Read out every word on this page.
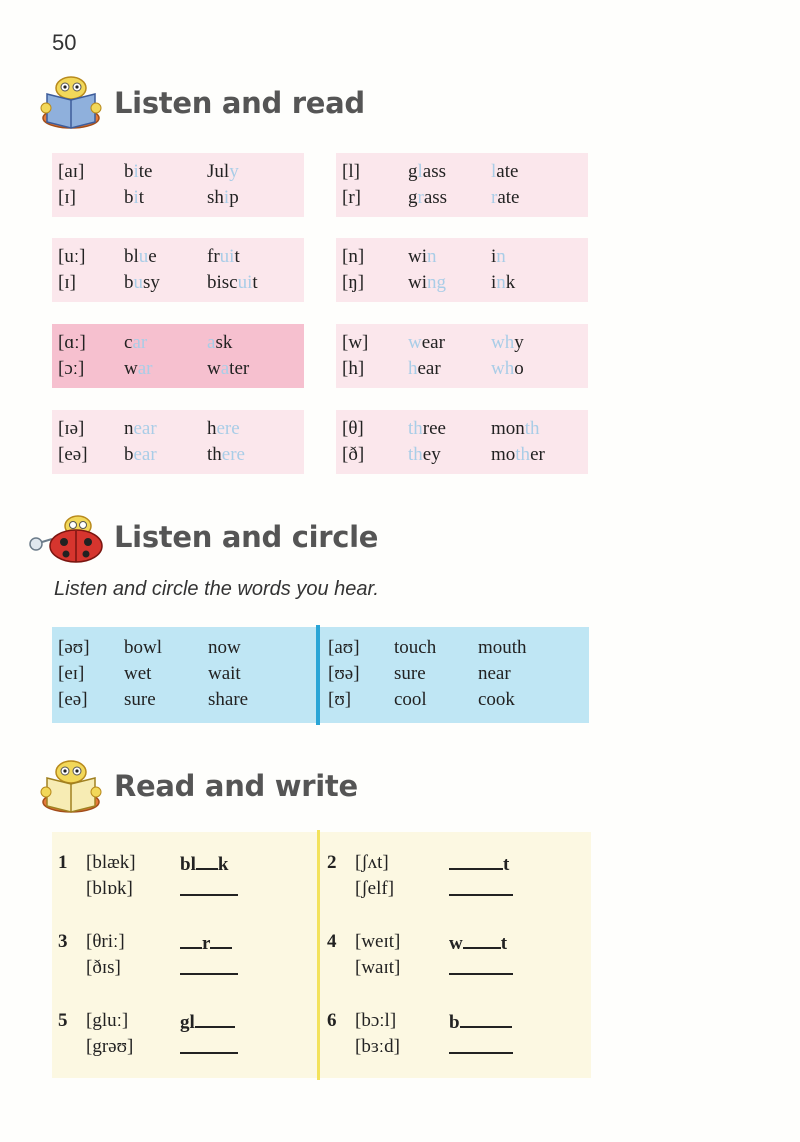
50
Listen and read
[aɪ] bite	July
[ɪ]	bit	ship
[l]	glass late
[r] grass rate
[uː] blue	fruit
[ɪ]	busy biscuit
[n] win	in
[ŋ] wing ink
[ɑː] car	ask
[ɔː] war	water
[w] wear why
[h] hear	who
[ɪə] near	here
[eə] bear	there
[θ] three month
[ð] they	mother
Listen and circle
Listen and circle the words you hear.
[əʊ] bowl now
[eɪ] wet	wait
[eə] sure	share
[aʊ] touch mouth
[ʊə] sure	near
[ʊ] cool	cook
Read and write
1 [blæk] bl k
[blɒk]
2 [ʃʌt]	t
[ʃelf]
3 [θriː]	r
[ðɪs]
4 [weɪt]	w t
[waɪt]
5 [gluː]	gl
[grəʊ]
6 [bɔːl]	b
[bɜːd]
